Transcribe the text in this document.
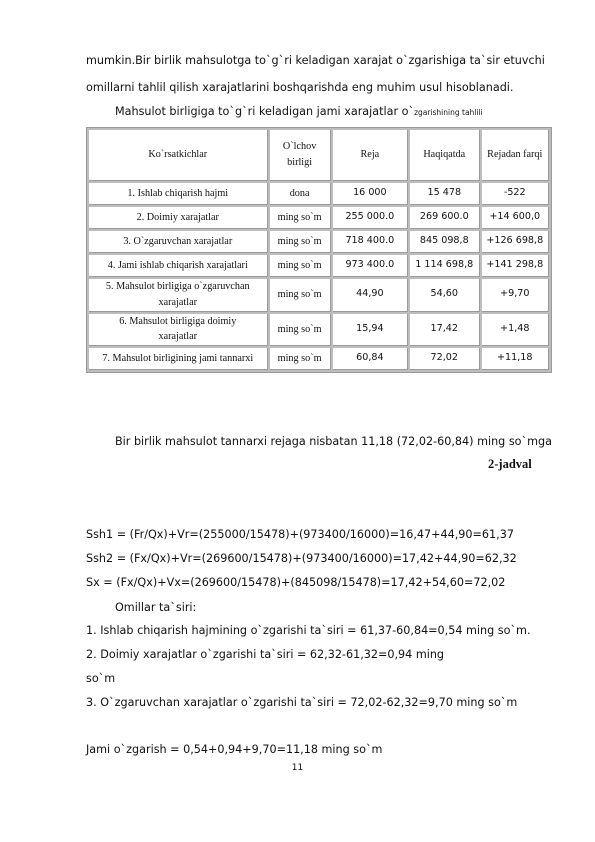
mumkin.Bir birlik mahsulotga to`g`ri keladigan xarajat o`zgarishiga ta`sir etuvchi
omillarni tahlil qilish xarajatlarini boshqarishda eng muhim usul hisoblanadi.
Mahsulot birligiga to`g`ri keladigan jami xarajatlar o`zgarishining tahlili
Ko`rsatkichlar	O`lchov birligi	Reja	Haqiqatda	Rejadan farqi
1. Ishlab chiqarish hajmi	dona	16 000	15 478	-522
2. Doimiy xarajatlar	ming so`m	255 000.0	269 600.0	+14 600,0
3. O`zgaruvchan xarajatlar	ming so`m	718 400.0	845 098,8	+126 698,8
4. Jami ishlab chiqarish xarajatlari	ming so`m	973 400.0	1 114 698,8	+141 298,8
5. Mahsulot birligiga o`zgaruvchan xarajatlar	ming so`m	44,90	54,60	+9,70
6. Mahsulot birligiga doimiy xarajatlar	ming so`m	15,94	17,42	+1,48
7. Mahsulot birligining jami tannarxi	ming so`m	60,84	72,02	+11,18
Bir birlik mahsulot tannarxi rejaga nisbatan 11,18 (72,02-60,84) ming so`mga
2-jadval
Ssh1 = (Fr/Qx)+Vr=(255000/15478)+(973400/16000)=16,47+44,90=61,37
Ssh2 = (Fx/Qx)+Vr=(269600/15478)+(973400/16000)=17,42+44,90=62,32
Sx = (Fx/Qx)+Vx=(269600/15478)+(845098/15478)=17,42+54,60=72,02
Omillar ta`siri:
1. Ishlab chiqarish hajmining o`zgarishi ta`siri = 61,37-60,84=0,54 ming so`m.
2. Doimiy xarajatlar o`zgarishi ta`siri = 62,32-61,32=0,94 ming
so`m
3. O`zgaruvchan xarajatlar o`zgarishi ta`siri = 72,02-62,32=9,70 ming so`m
Jami o`zgarish = 0,54+0,94+9,70=11,18 ming so`m
11
